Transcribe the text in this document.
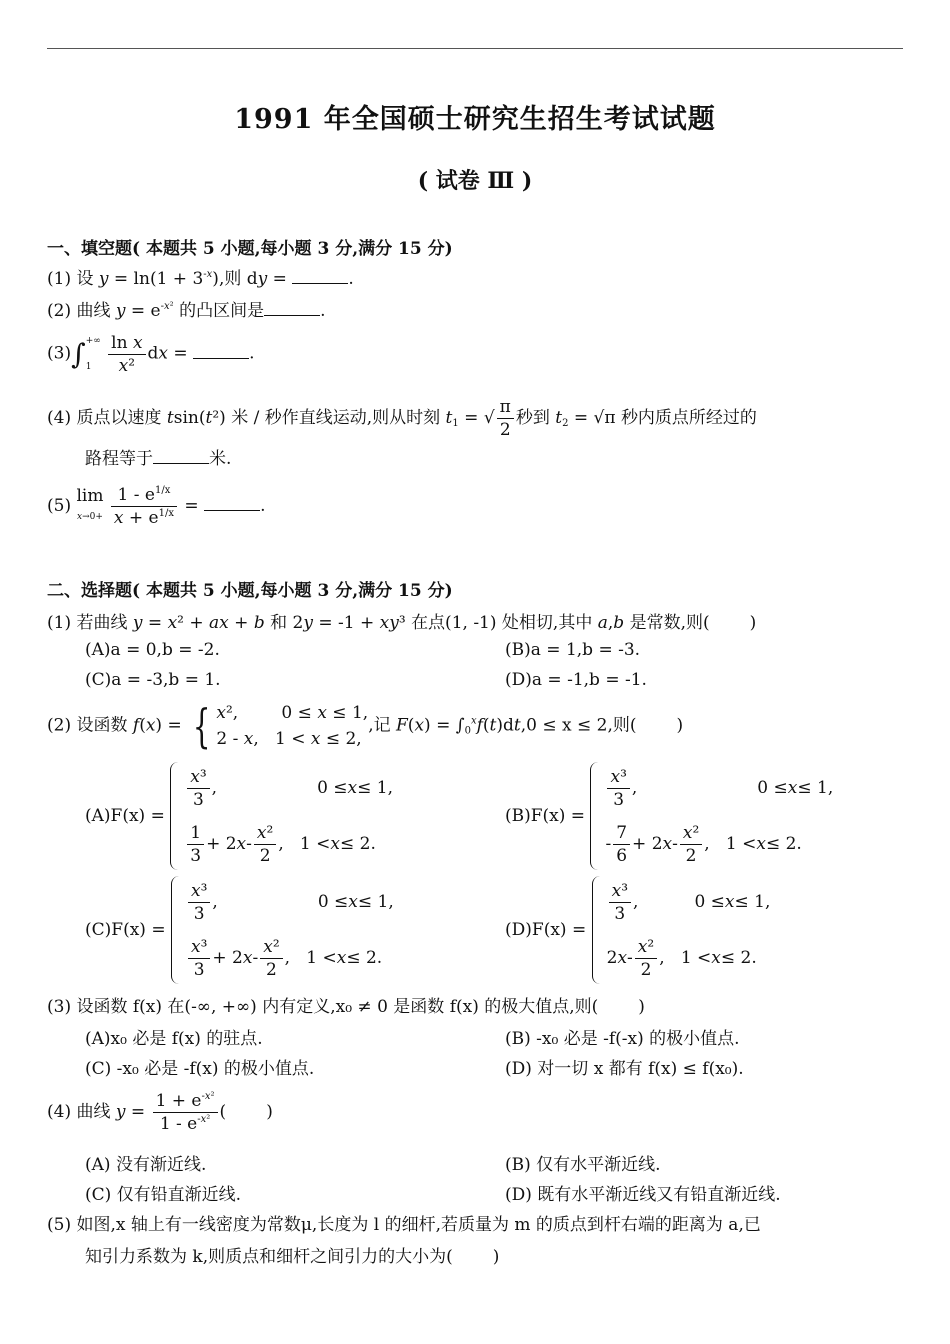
1991 年全国硕士研究生招生考试试题
( 试卷 Ⅲ )
一、填空题( 本题共 5 小题,每小题 3 分,满分 15 分)
(1) 设 $y = \ln(1 + 3^{-x})$,则 dy =	.
(2) 曲线 $y = e^{-x^2}$ 的凸区间是	.
(3)∫+∞
$1 \frac{\text{ln x}}{\text{x²}}$ dx =	.
(4) 质点以速度 tsin(t²) 米 / 秒作直线运动,则从时刻 $t_1$ = √ $\frac{\pi}{2}$ 秒到 $t_2 = √\pi$ 秒内质点所经过的
路程等于	米.
(5) lim
$x\to 0+ \frac{1 - e^{1/x}}{x + e^{1/x}}$ =	.
二、选择题( 本题共 5 小题,每小题 3 分,满分 15 分)
(1) 若曲线 y = x² + ax + b 和 2y = -1 + xy³ 在点(1, -1) 处相切,其中 a,b 是常数,则( )
(A)a = 0,b = -2.	(B)a = 1,b = -3.
(C)a = -3,b = 1.	(D)a = -1,b = -1.
(2) 设函数 f(x) = { x²,        0 ≤ x ≤ 1,
2 - x,   1 < x ≤ 2,
,记 $F(x) = \int_0^xf(t)dt,0 \le x \le 2$,则( )
(A)F(x) =
$\frac{\text{x³}}{3}$ ,	0 ≤ x ≤ 1,
$\frac{1}{3} + 2$ x - $\frac{\text{x²}}{2}$ ,   1 < x ≤ 2.
(B)F(x) =
$\frac{\text{x³}}{3}$ ,	0 ≤ x ≤ 1,
- $\frac{7}{6} + 2$ x - $\frac{\text{x²}}{2}$ ,   1 < x ≤ 2.
(C)F(x) =
$\frac{\text{x³}}{3}$ ,	0 ≤ x ≤ 1,
$\frac{\text{x³}}{3} + 2$ x - $\frac{\text{x²}}{2}$ ,   1 < x ≤ 2.
(D)F(x) =
$\frac{\text{x³}}{3}$ ,	0 ≤ x ≤ 1,
2 x - $\frac{\text{x²}}{2}$ ,   1 < x ≤ 2.
(3) 设函数 f(x) 在(-∞, +∞) 内有定义,x₀ ≠ 0 是函数 f(x) 的极大值点,则( )
(A)x₀ 必是 f(x) 的驻点.	(B) -x₀ 必是 -f(-x) 的极小值点.
(C) -x₀ 必是 -f(x) 的极小值点.	(D) 对一切 x 都有 f(x) ≤ f(x₀).
(4) 曲线 $y = \frac{1 + e^{-x^2}}{1 - e^{-x^2}}$ ( )
(A) 没有渐近线.	(B) 仅有水平渐近线.
(C) 仅有铅直渐近线.	(D) 既有水平渐近线又有铅直渐近线.
(5) 如图,x 轴上有一线密度为常数μ,长度为 l 的细杆,若质量为 m 的质点到杆右端的距离为 a,已
知引力系数为 k,则质点和细杆之间引力的大小为( )
